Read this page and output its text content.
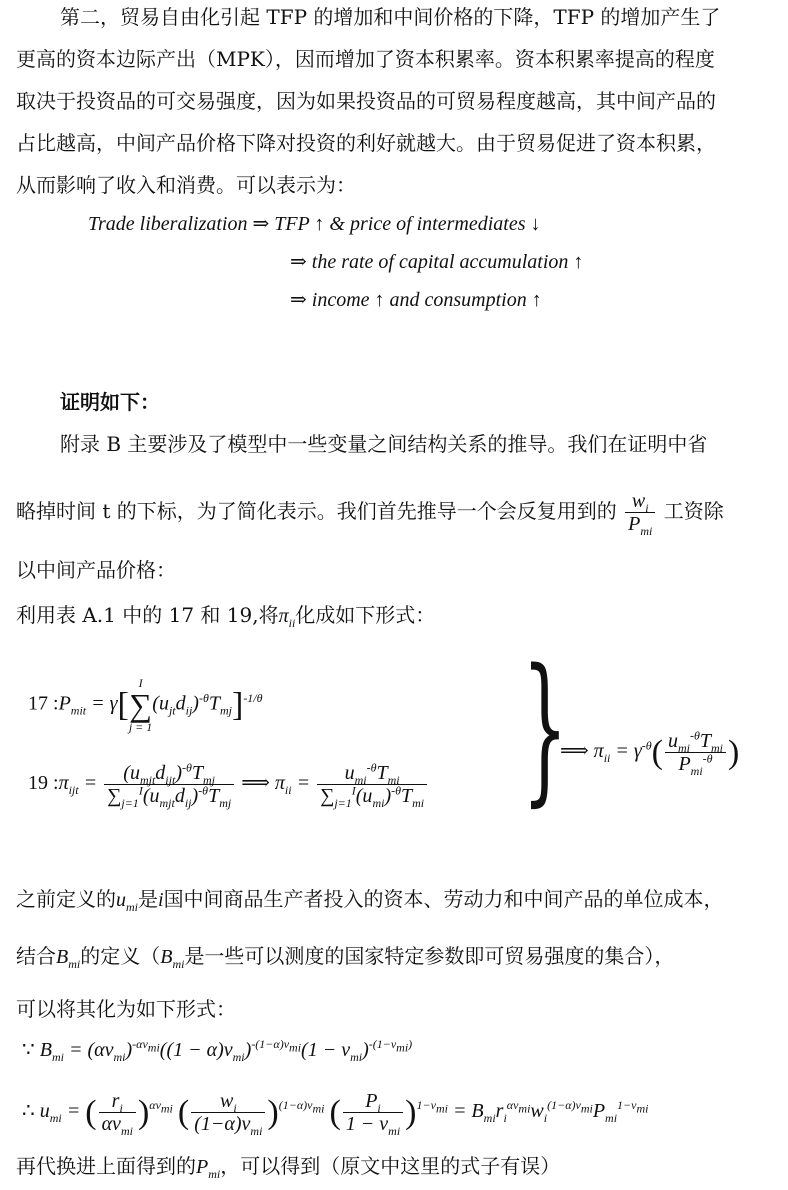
第二，贸易自由化引起 TFP 的增加和中间价格的下降，TFP 的增加产生了
更高的资本边际产出（MPK），因而增加了资本积累率。资本积累率提高的程度
取决于投资品的可交易强度，因为如果投资品的可贸易程度越高，其中间产品的
占比越高，中间产品价格下降对投资的利好就越大。由于贸易促进了资本积累，
从而影响了收入和消费。可以表示为：
Trade liberalization ⇒ TFP ↑ & price of intermediates ↓
⇒ the rate of capital accumulation ↑
⇒ income ↑ and consumption ↑
证明如下：
附录 B 主要涉及了模型中一些变量之间结构关系的推导。我们在证明中省
略掉时间 t 的下标，为了简化表示。我们首先推导一个会反复用到的 $\frac{w_i}{P_{mi}}$ 工资除
以中间产品价格：
利用表 A.1 中的 17 和 19,将$\pi_{ii}$化成如下形式：
17 $:P_{mit} = \gamma$[
I
∑
j = 1
$(u_{jt}d_{ij})^{-\theta}T_{mj}]^{-1/\theta}$
19 $:\pi_{ijt} = \frac{(u_{mjt}d_{ijt})^{-\theta}T_{mj}}{\sum_{j=1}^I(u_{mjt}d_{ij})^{-\theta}T_{mj}}$ ⟹ $\pi_{ii} = \frac{u_{mi}^{-\theta}T_{mi}}{\sum_{j=1}^I(u_{mi})^{-\theta}T_{mi}}$ }
⟹ $\pi_{ii} = \gamma^{-\theta}( \frac{u_{mi}^{-\theta}T_{mi}}{P_{mi}^{-\theta}}$ )
之前定义的$u_{mi}$是i国中间商品生产者投入的资本、劳动力和中间产品的单位成本，
结合$B_{mi}$的定义（$B_{mi}$是一些可以测度的国家特定参数即可贸易强度的集合），
可以将其化为如下形式：
∵ $B_{mi} = (\alpha\nu_{mi})^{-\alpha\nu_{mi}}((1 - \alpha)\nu_{mi})^{-(1-\alpha)\nu_{mi}}(1 - \nu_{mi})^{-(1-\nu_{mi})}$
∴ $u_{mi}$ = ( $\frac{r_i}{\alpha\nu_{mi}} )^{\alpha\nu_{mi}}$ ( $\frac{w_i}{(1-\alpha)\nu_{mi}} )^{(1-\alpha)\nu_{mi}}$ ( $\frac{P_i}{1 - \nu_{mi}} )^{1-\nu_{mi}} = B_{mi}r_i^{\alpha\nu_{mi}}w_i^{(1-\alpha)\nu_{mi}}P_{mi}^{1-\nu_{mi}}$
再代换进上面得到的$P_{mi}$，可以得到（原文中这里的式子有误）
